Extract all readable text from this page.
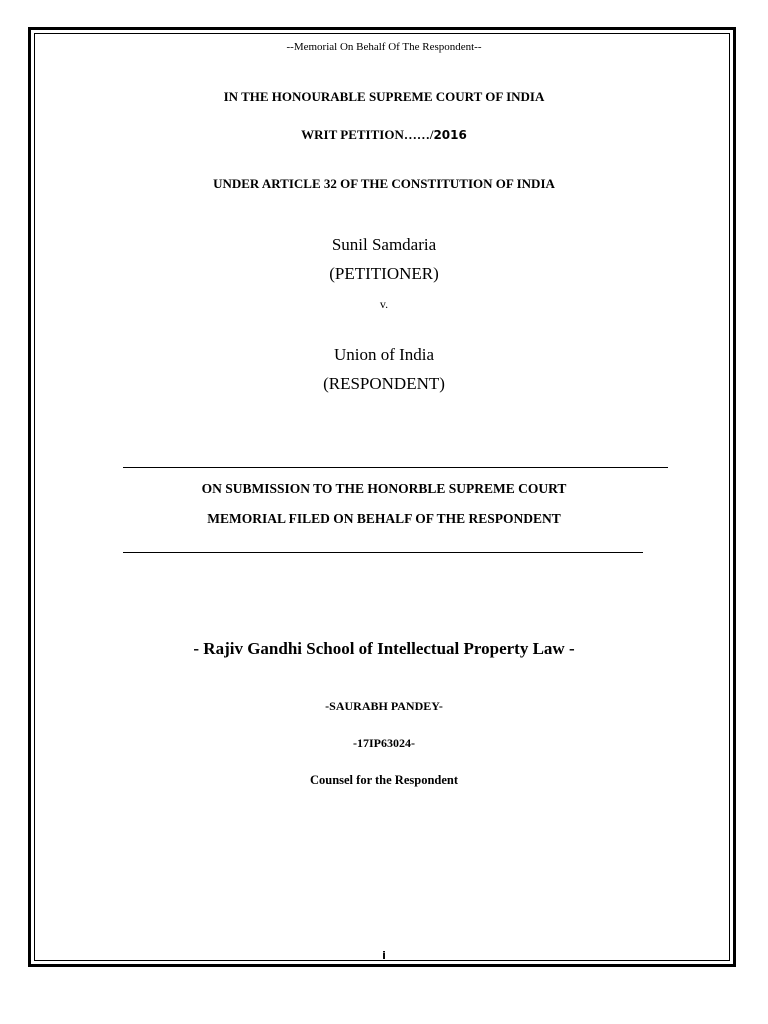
--Memorial On Behalf Of The Respondent--
IN THE HONOURABLE SUPREME COURT OF INDIA
WRIT PETITION……/2016
UNDER ARTICLE 32 OF THE CONSTITUTION OF INDIA
Sunil Samdaria
(PETITIONER)
v.
Union of India
(RESPONDENT)
ON SUBMISSION TO THE HONORBLE SUPREME COURT
MEMORIAL FILED ON BEHALF OF THE RESPONDENT
- Rajiv Gandhi School of Intellectual Property Law -
-SAURABH PANDEY-
-17IP63024-
Counsel for the Respondent
i
